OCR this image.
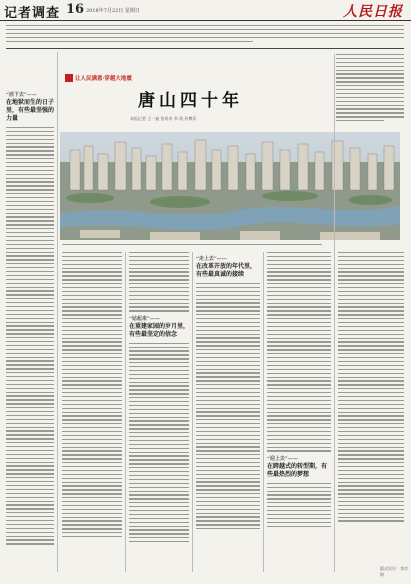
记者调查 16 2018年7月22日 星期日	人民日报
让人民满意·穿越大地震
唐山四十年
本报记者 王一迪 张培奇 李 琰 孙博洋
“活下去”——
在地狱而生的日子里，有些最坚强的力量
“站起来”——
在重建家园的岁月里，有些最坚定的信念
“走上去”——
在改革开放的年代里，有些最真诚的接续
“迎上去”——
在跨越式的转型期，有些最热烈的梦想
版式设计：李宗锦
